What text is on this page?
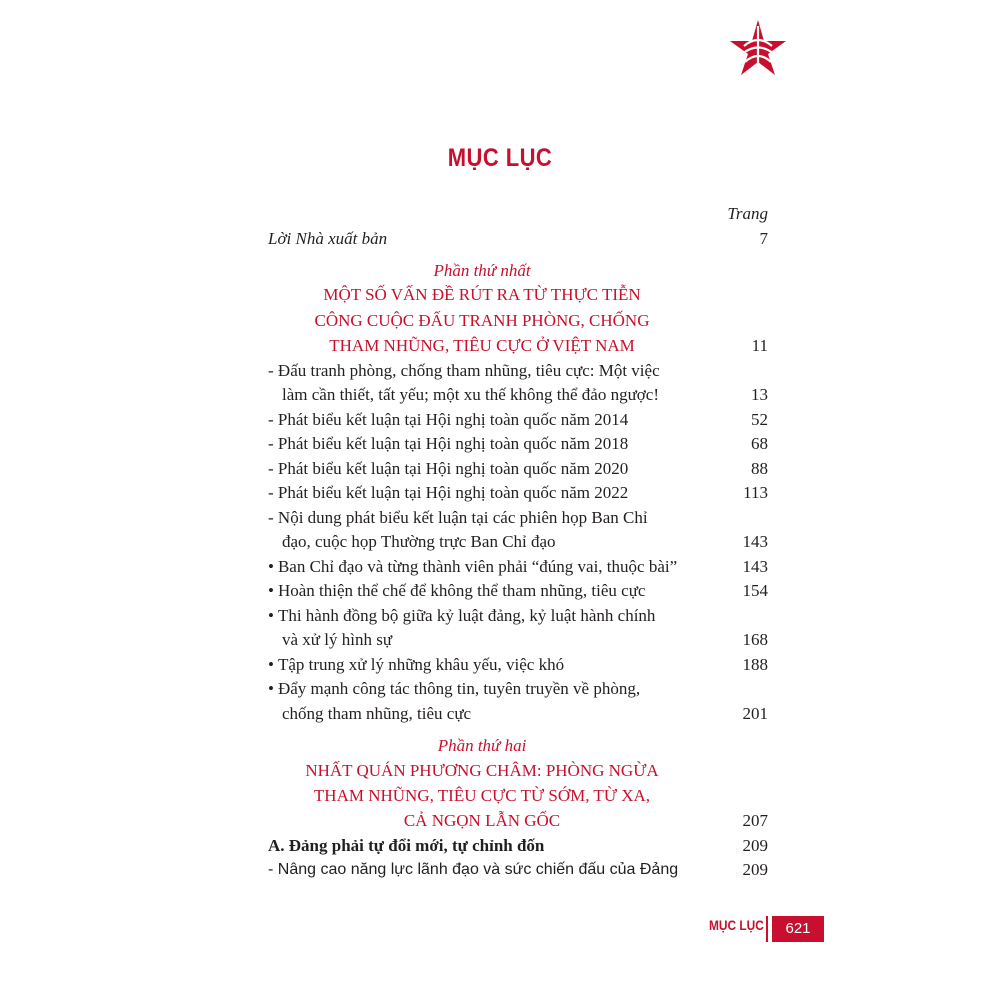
MỤC LỤC
Trang
Lời Nhà xuất bản	7
Phần thứ nhất
MỘT SỐ VẤN ĐỀ RÚT RA TỪ THỰC TIỄN
CÔNG CUỘC ĐẤU TRANH PHÒNG, CHỐNG
THAM NHŨNG, TIÊU CỰC Ở VIỆT NAM	11
- Đấu tranh phòng, chống tham nhũng, tiêu cực: Một việc
làm cần thiết, tất yếu; một xu thế không thể đảo ngược!	13
- Phát biểu kết luận tại Hội nghị toàn quốc năm 2014	52
- Phát biểu kết luận tại Hội nghị toàn quốc năm 2018	68
- Phát biểu kết luận tại Hội nghị toàn quốc năm 2020	88
- Phát biểu kết luận tại Hội nghị toàn quốc năm 2022	113
- Nội dung phát biểu kết luận tại các phiên họp Ban Chỉ
đạo, cuộc họp Thường trực Ban Chỉ đạo	143
• Ban Chỉ đạo và từng thành viên phải “đúng vai, thuộc bài”	143
• Hoàn thiện thể chế để không thể tham nhũng, tiêu cực	154
• Thi hành đồng bộ giữa kỷ luật đảng, kỷ luật hành chính
và xử lý hình sự	168
• Tập trung xử lý những khâu yếu, việc khó	188
• Đẩy mạnh công tác thông tin, tuyên truyền về phòng,
chống tham nhũng, tiêu cực	201
Phần thứ hai
NHẤT QUÁN PHƯƠNG CHÂM: PHÒNG NGỪA
THAM NHŨNG, TIÊU CỰC TỪ SỚM, TỪ XA,
CẢ NGỌN LẪN GỐC	207
A. Đảng phải tự đổi mới, tự chỉnh đốn	209
- Nâng cao năng lực lãnh đạo và sức chiến đấu của Đảng	209
MỤC LỤC	621
